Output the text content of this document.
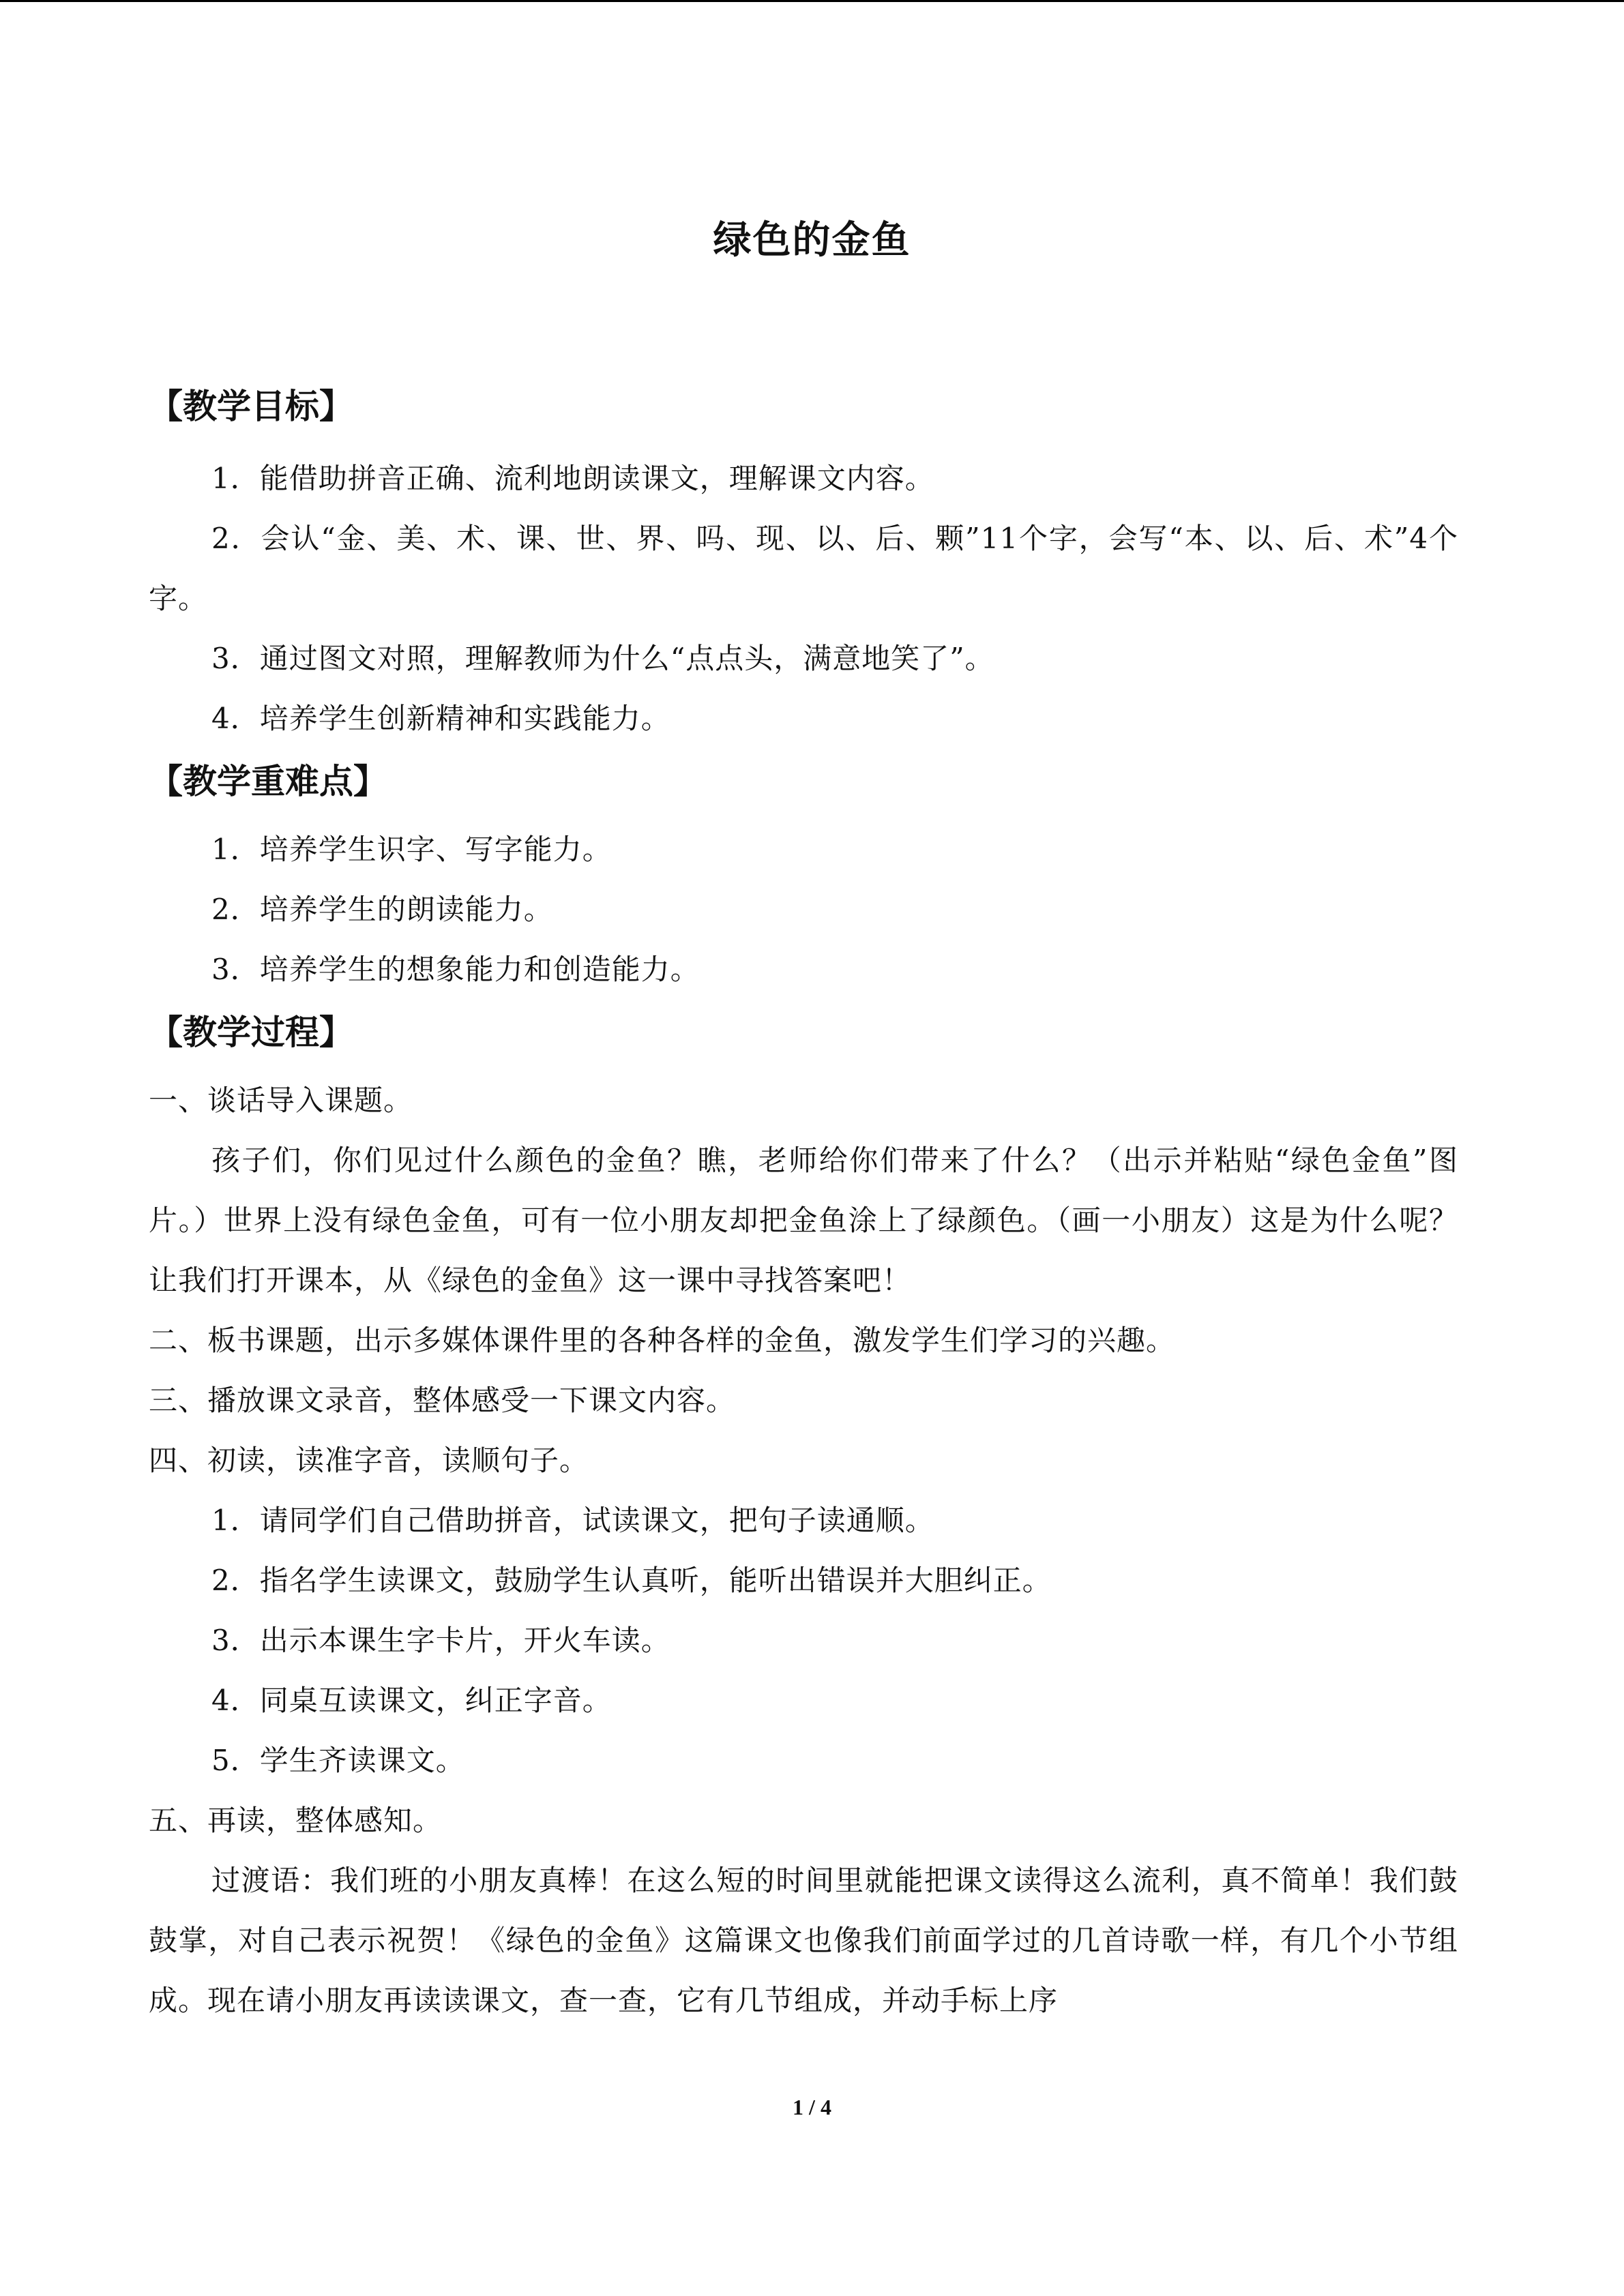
绿色的金鱼
【教学目标】

1．能借助拼音正确、流利地朗读课文，理解课文内容。

2．会认“金、美、术、课、世、界、吗、现、以、后、颗”11个字，会写“本、以、后、术”4个字。

3．通过图文对照，理解教师为什么“点点头，满意地笑了”。

4．培养学生创新精神和实践能力。

【教学重难点】

1．培养学生识字、写字能力。

2．培养学生的朗读能力。

3．培养学生的想象能力和创造能力。

【教学过程】

一、谈话导入课题。

孩子们，你们见过什么颜色的金鱼？瞧，老师给你们带来了什么？（出示并粘贴“绿色金鱼”图片。）世界上没有绿色金鱼，可有一位小朋友却把金鱼涂上了绿颜色。（画一小朋友）这是为什么呢？让我们打开课本，从《绿色的金鱼》这一课中寻找答案吧！

二、板书课题，出示多媒体课件里的各种各样的金鱼，激发学生们学习的兴趣。

三、播放课文录音，整体感受一下课文内容。

四、初读，读准字音，读顺句子。

1．请同学们自己借助拼音，试读课文，把句子读通顺。

2．指名学生读课文，鼓励学生认真听，能听出错误并大胆纠正。

3．出示本课生字卡片，开火车读。

4．同桌互读课文，纠正字音。

5．学生齐读课文。

五、再读，整体感知。

过渡语：我们班的小朋友真棒！在这么短的时间里就能把课文读得这么流利，真不简单！我们鼓鼓掌，对自己表示祝贺！《绿色的金鱼》这篇课文也像我们前面学过的几首诗歌一样，有几个小节组成。现在请小朋友再读读课文，查一查，它有几节组成，并动手标上序

1 / 4
